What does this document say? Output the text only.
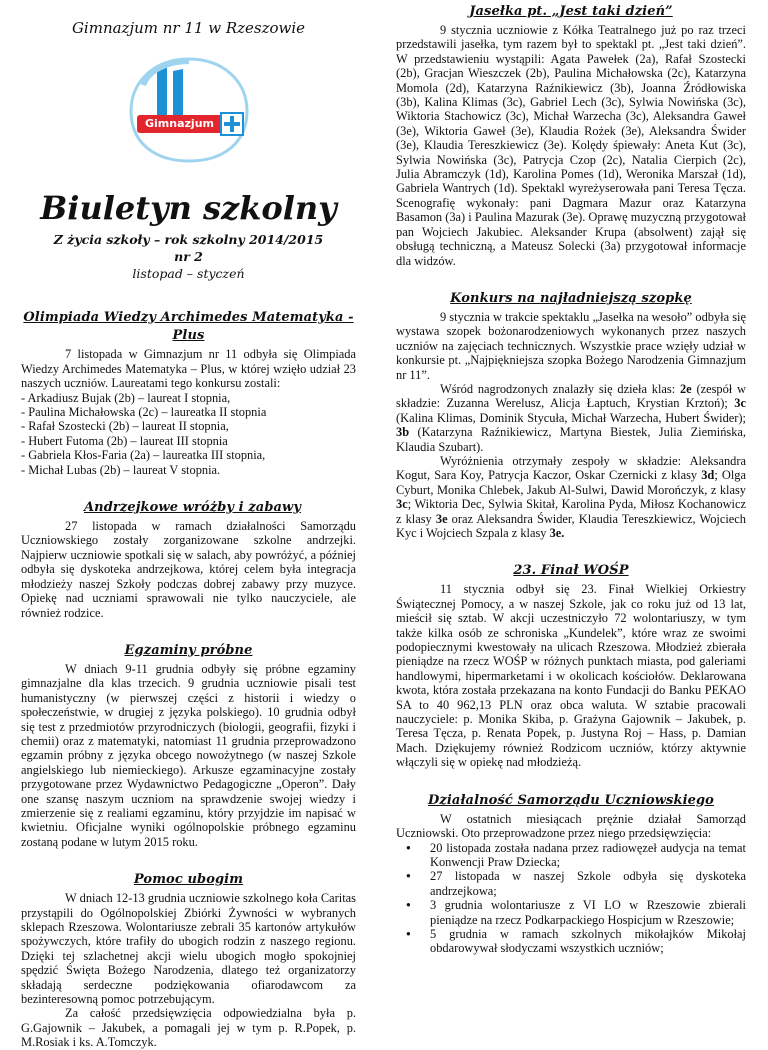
Gimnazjum nr 11 w Rzeszowie

Gimnazjum

Biuletyn szkolny

Z życia szkoły – rok szkolny 2014/2015

nr 2

listopad – styczeń

Olimpiada Wiedzy Archimedes Matematyka - Plus

7 listopada w Gimnazjum nr 11 odbyła się Olimpiada Wiedzy Archimedes Matematyka – Plus, w której wzięło udział 23 naszych uczniów. Laureatami tego konkursu zostali:

- Arkadiusz Bujak (2b) – laureat I stopnia,
- Paulina Michałowska (2c) – laureatka II stopnia
- Rafał Szostecki (2b) – laureat II stopnia,
- Hubert Futoma (2b) – laureat III stopnia
- Gabriela Kłos-Faria (2a) – laureatka III stopnia,
- Michał Lubas (2b) – laureat V stopnia.
Andrzejkowe wróżby i zabawy

27 listopada w ramach działalności Samorządu Uczniowskiego zostały zorganizowane szkolne andrzejki. Najpierw uczniowie spotkali się w salach, aby powróżyć, a później odbyła się dyskoteka andrzejkowa, której celem była integracja młodzieży naszej Szkoły podczas dobrej zabawy przy muzyce. Opiekę nad uczniami sprawowali nie tylko nauczyciele, ale również rodzice.

Egzaminy próbne

W dniach 9-11 grudnia odbyły się próbne egzaminy gimnazjalne dla klas trzecich. 9 grudnia uczniowie pisali test humanistyczny (w pierwszej części z historii i wiedzy o społeczeństwie, w drugiej z języka polskiego). 10 grudnia odbył się test z przedmiotów przyrodniczych (biologii, geografii, fizyki i chemii) oraz z matematyki, natomiast 11 grudnia przeprowadzono egzamin próbny z języka obcego nowożytnego (w naszej Szkole angielskiego lub niemieckiego). Arkusze egzaminacyjne zostały przygotowane przez Wydawnictwo Pedagogiczne „Operon”. Dały one szansę naszym uczniom na sprawdzenie swojej wiedzy i zmierzenie się z realiami egzaminu, który przyjdzie im napisać w kwietniu. Oficjalne wyniki ogólnopolskie próbnego egzaminu zostaną podane w lutym 2015 roku.

Pomoc ubogim

W dniach 12-13 grudnia uczniowie szkolnego koła Caritas przystąpili do Ogólnopolskiej Zbiórki Żywności w wybranych sklepach Rzeszowa. Wolontariusze zebrali 35 kartonów artykułów spożywczych, które trafiły do ubogich rodzin z naszego regionu. Dzięki tej szlachetnej akcji wielu ubogich mogło spokojniej spędzić Święta Bożego Narodzenia, dlatego też organizatorzy składają serdeczne podziękowania ofiarodawcom za bezinteresowną pomoc potrzebującym.

Za całość przedsięwzięcia odpowiedzialna była p. G.Gajownik – Jakubek, a pomagali jej w tym p. R.Popek, p. M.Rosiak i ks. A.Tomczyk.

Jasełka pt. „Jest taki dzień”

9 stycznia uczniowie z Kółka Teatralnego już po raz trzeci przedstawili jasełka, tym razem był to spektakl pt. „Jest taki dzień”. W przedstawieniu wystąpili: Agata Pawełek (2a), Rafał Szostecki (2b), Gracjan Wieszczek (2b), Paulina Michałowska (2c), Katarzyna Momola (2d), Katarzyna Raźnikiewicz (3b), Joanna Źródłowiska (3b), Kalina Klimas (3c), Gabriel Lech (3c), Sylwia Nowińska (3c), Wiktoria Stachowicz (3c), Michał Warzecha (3c), Aleksandra Gaweł (3e), Wiktoria Gaweł (3e), Klaudia Rożek (3e), Aleksandra Świder (3e), Klaudia Tereszkiewicz (3e). Kolędy śpiewały: Aneta Kut (3c), Sylwia Nowińska (3c), Patrycja Czop (2c), Natalia Cierpich (2c), Julia Abramczyk (1d), Karolina Pomes (1d), Weronika Marszał (1d), Gabriela Wantrych (1d). Spektakl wyreżyserowała pani Teresa Tęcza. Scenografię wykonały: pani Dagmara Mazur oraz Katarzyna Basamon (3a) i Paulina Mazurak (3e). Oprawę muzyczną przygotował pan Wojciech Jakubiec. Aleksander Krupa (absolwent) zajął się obsługą techniczną, a Mateusz Solecki (3a) przygotował informacje dla widzów.

Konkurs na najładniejszą szopkę

9 stycznia w trakcie spektaklu „Jasełka na wesoło” odbyła się wystawa szopek bożonarodzeniowych wykonanych przez naszych uczniów na zajęciach technicznych. Wszystkie prace wzięły udział w konkursie pt. „Najpiękniejsza szopka Bożego Narodzenia Gimnazjum nr 11”.

Wśród nagrodzonych znalazły się dzieła klas: 2e (zespół w składzie: Zuzanna Werelusz, Alicja Łaptuch, Krystian Krztoń); 3c (Kalina Klimas, Dominik Stycuła, Michał Warzecha, Hubert Świder); 3b (Katarzyna Raźnikiewicz, Martyna Biestek, Julia Ziemińska, Klaudia Szubart).

Wyróżnienia otrzymały zespoły w składzie: Aleksandra Kogut, Sara Koy, Patrycja Kaczor, Oskar Czernicki z klasy 3d; Olga Cyburt, Monika Chlebek, Jakub Al-Sulwi, Dawid Morończyk, z klasy 3c; Wiktoria Dec, Sylwia Skitał, Karolina Pyda, Miłosz Kochanowicz z klasy 3e oraz Aleksandra Świder, Klaudia Tereszkiewicz, Wojciech Kyc i Wojciech Szpala z klasy 3e.

23. Finał WOŚP

11 stycznia odbył się 23. Finał Wielkiej Orkiestry Świątecznej Pomocy, a w naszej Szkole, jak co roku już od 13 lat, mieścił się sztab. W akcji uczestniczyło 72 wolontariuszy, w tym także kilka osób ze schroniska „Kundelek”, które wraz ze swoimi podopiecznymi kwestowały na ulicach Rzeszowa. Młodzież zbierała pieniądze na rzecz WOŚP w różnych punktach miasta, pod galeriami handlowymi, hipermarketami i w okolicach kościołów. Deklarowana kwota, która została przekazana na konto Fundacji do Banku PEKAO SA to 40 962,13 PLN oraz obca waluta. W sztabie pracowali nauczyciele: p. Monika Skiba, p. Grażyna Gajownik – Jakubek, p. Teresa Tęcza, p. Renata Popek, p. Justyna Roj – Hass, p. Damian Mach. Dziękujemy również Rodzicom uczniów, którzy aktywnie włączyli się w opiekę nad młodzieżą.

Działalność Samorządu Uczniowskiego

W ostatnich miesiącach prężnie działał Samorząd Uczniowski. Oto przeprowadzone przez niego przedsięwzięcia:

● 20 listopada została nadana przez radiowęzeł audycja na temat Konwencji Praw Dziecka;
● 27 listopada w naszej Szkole odbyła się dyskoteka andrzejkowa;
● 3 grudnia wolontariusze z VI LO w Rzeszowie zbierali pieniądze na rzecz Podkarpackiego Hospicjum w Rzeszowie;
● 5 grudnia w ramach szkolnych mikołajków Mikołaj obdarowywał słodyczami wszystkich uczniów;
